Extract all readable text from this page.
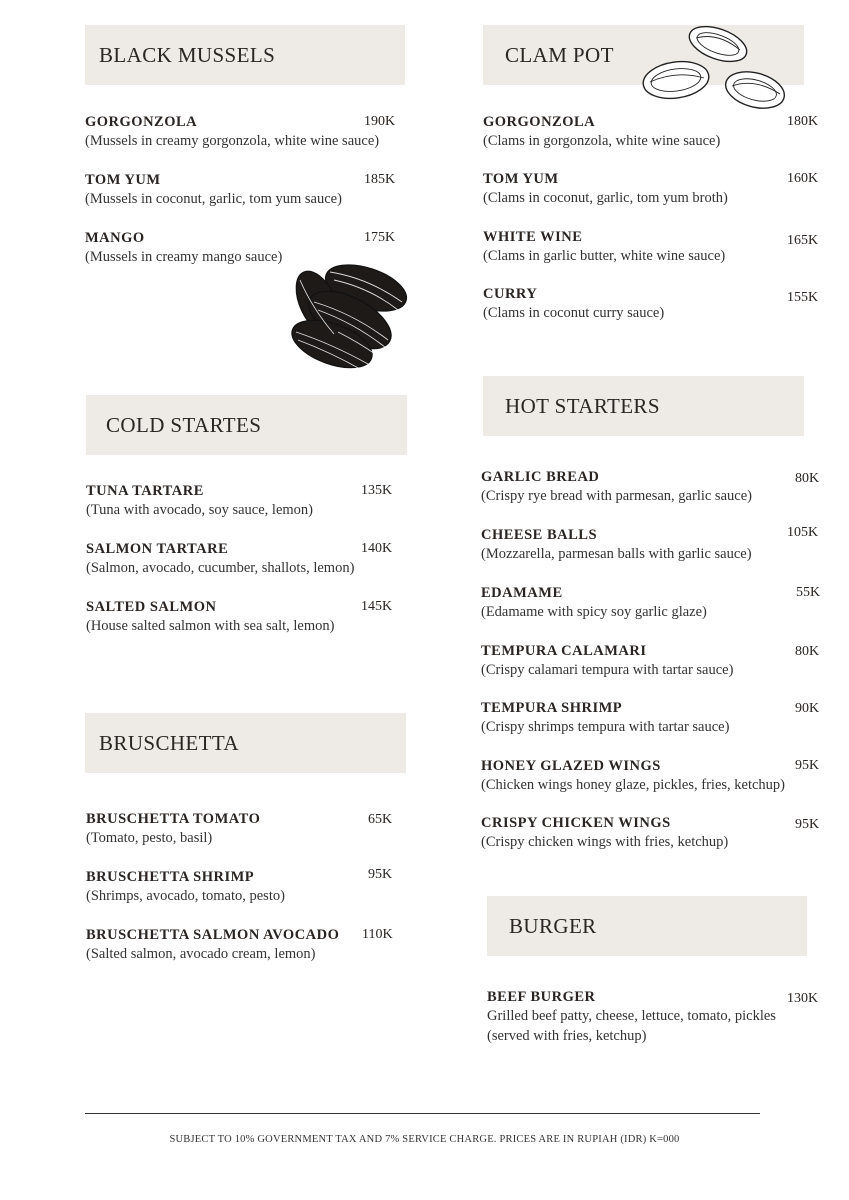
BLACK MUSSELS
GORGONZOLA
(Mussels in creamy gorgonzola, white wine sauce)
190K
TOM YUM
(Mussels in coconut, garlic, tom yum sauce)
185K
MANGO
(Mussels in creamy mango sauce)
175K
CLAM POT
GORGONZOLA
(Clams in gorgonzola, white wine sauce)
180K
TOM YUM
(Clams in coconut, garlic, tom yum broth)
160K
WHITE WINE
(Clams in garlic butter, white wine sauce)
165K
CURRY
(Clams in coconut curry sauce)
155K
COLD STARTES
TUNA TARTARE
(Tuna with avocado, soy sauce, lemon)
135K
SALMON TARTARE
(Salmon, avocado, cucumber, shallots, lemon)
140K
SALTED SALMON
(House salted salmon with sea salt, lemon)
145K
HOT STARTERS
GARLIC BREAD
(Crispy rye bread with parmesan, garlic sauce)
80K
CHEESE BALLS
(Mozzarella, parmesan balls with garlic sauce)
105K
EDAMAME
(Edamame with spicy soy garlic glaze)
55K
TEMPURA CALAMARI
(Crispy calamari tempura with tartar sauce)
80K
TEMPURA SHRIMP
(Crispy shrimps tempura with tartar sauce)
90K
HONEY GLAZED WINGS
(Chicken wings honey glaze, pickles, fries, ketchup)
95K
CRISPY CHICKEN WINGS
(Crispy chicken wings with fries, ketchup)
95K
BRUSCHETTA
BRUSCHETTA TOMATO
(Tomato, pesto, basil)
65K
BRUSCHETTA SHRIMP
(Shrimps, avocado, tomato, pesto)
95K
BRUSCHETTA SALMON AVOCADO
(Salted salmon, avocado cream, lemon)
110K	BURGER
BEEF BURGER
Grilled beef patty, cheese, lettuce, tomato, pickles
(served with fries, ketchup)
130K
SUBJECT TO 10% GOVERNMENT TAX AND 7% SERVICE CHARGE. PRICES ARE IN RUPIAH (IDR) K=000
